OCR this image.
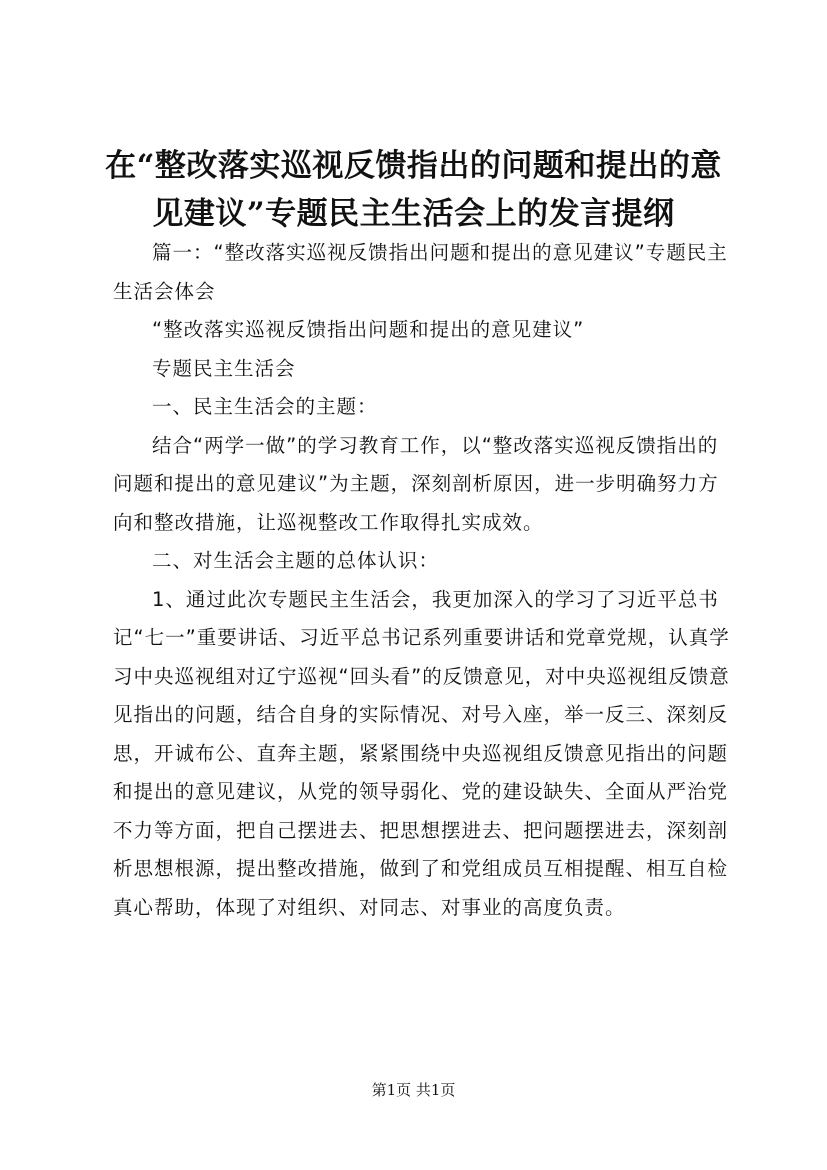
在“整改落实巡视反馈指出的问题和提出的意
见建议”专题民主生活会上的发言提纲

篇一：“整改落实巡视反馈指出问题和提出的意见建议”专题民主生活会体会

“整改落实巡视反馈指出问题和提出的意见建议”

专题民主生活会

一、民主生活会的主题：

结合“两学一做”的学习教育工作，以“整改落实巡视反馈指出的问题和提出的意见建议”为主题，深刻剖析原因，进一步明确努力方向和整改措施，让巡视整改工作取得扎实成效。

二、对生活会主题的总体认识：

1、通过此次专题民主生活会，我更加深入的学习了习近平总书记“七一”重要讲话、习近平总书记系列重要讲话和党章党规，认真学习中央巡视组对辽宁巡视“回头看”的反馈意见，对中央巡视组反馈意见指出的问题，结合自身的实际情况、对号入座，举一反三、深刻反思，开诚布公、直奔主题，紧紧围绕中央巡视组反馈意见指出的问题和提出的意见建议，从党的领导弱化、党的建设缺失、全面从严治党不力等方面，把自己摆进去、把思想摆进去、把问题摆进去，深刻剖析思想根源，提出整改措施，做到了和党组成员互相提醒、相互自检真心帮助，体现了对组织、对同志、对事业的高度负责。

第1页 共1页
